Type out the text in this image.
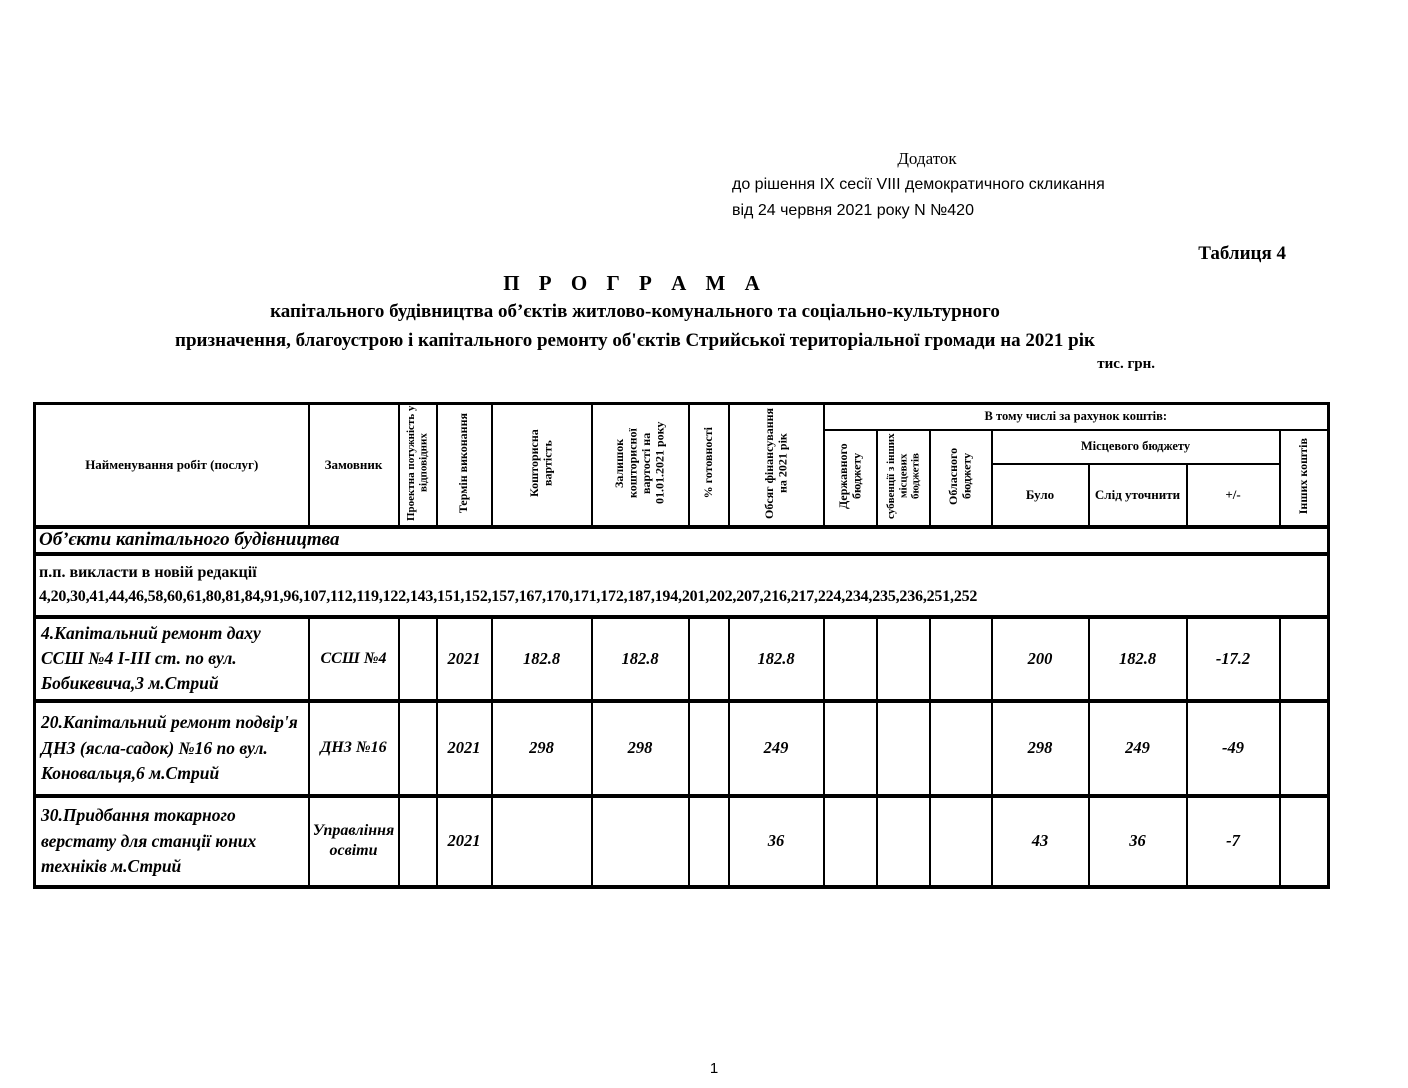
Додаток
до рішення IX сесії VIII демократичного скликання
від 24 червня 2021 року N №420
Таблиця 4
П Р О Г Р А М А
капітального будівництва об’єктів житлово-комунального та соціально-культурного
призначення, благоустрою і капітального ремонту об'єктів Стрийської територіальної громади на 2021 рік
тис. грн.
Найменування робіт (послуг)	Замовник	Проектна потужність у відповідних	Термін виконання	Кошторисна вартість	Залишок кошторисної вартості на 01.01.2021 року	% готовності	Обсяг фінансування на 2021 рік	В тому числі за рахунок коштів:						
								Державного бюджету	субвенції з інших місцевих бюджетів	Обласного бюджету	Місцевого бюджету			Інших коштів
											Було	Слід уточнити	+/-	
Об’єкти капітального будівництва														

п.п. викласти в новій редакції
4,20,30,41,44,46,58,60,61,80,81,84,91,96,107,112,119,122,143,151,152,157,167,170,171,172,187,194,201,202,207,216,217,224,234,235,236,251,252														

4.Капітальний ремонт даху ССШ №4 І-ІІІ ст. по вул. Бобикевича,3 м.Стрий	ССШ №4		2021	182.8	182.8		182.8				200	182.8	-17.2	
20.Капітальний ремонт подвір'я ДНЗ (ясла-садок) №16 по вул. Коновальця,6 м.Стрий	ДНЗ №16		2021	298	298		249				298	249	-49	
30.Придбання токарного верстату для станції юних техніків м.Стрий	Управління освіти		2021				36				43	36	-7	
1
